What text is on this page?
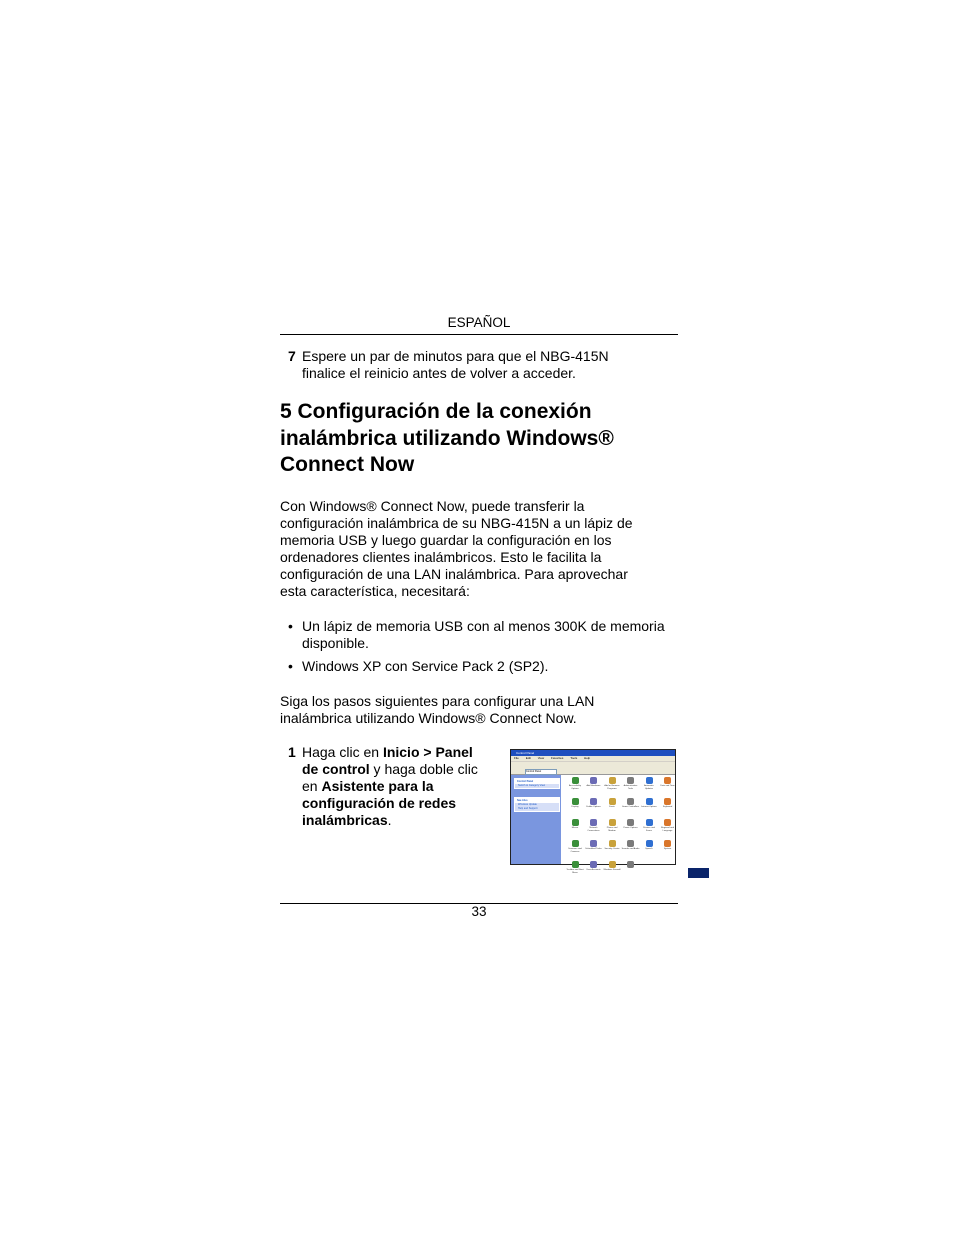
ESPAÑOL
7 Espere un par de minutos para que el NBG-415N
finalice el reinicio antes de volver a acceder.
5 Configuración de la conexión
inalámbrica utilizando Windows®
Connect Now
Con Windows® Connect Now, puede transferir la
configuración inalámbrica de su NBG-415N a un lápiz de
memoria USB y luego guardar la configuración en los
ordenadores clientes inalámbricos. Esto le facilita la
configuración de una LAN inalámbrica. Para aprovechar
esta característica, necesitará:
• Un lápiz de memoria USB con al menos 300K de memoria
disponible.
• Windows XP con Service Pack 2 (SP2).
Siga los pasos siguientes para configurar una LAN
inalámbrica utilizando Windows® Connect Now.
1 Haga clic en Inicio > Panel
de control y haga doble clic
en Asistente para la
configuración de redes
inalámbricas.
Control Panel
File Edit View Favorites Tools Help
Control Panel
Control Panel
Switch to Category View
See Also
Windows Update
Help and Support
Accessibility Options
Add Hardware	Add or Remove Programs
Administrative Tools
Automatic Updates
Date and Time
Display	Folder Options	Fonts	Game Controllers Internet Options	Keyboard
Mouse	Network Connections
Phone and Modem
Power Options	Printers and Faxes
Regional and Language
Scanners and Cameras
Scheduled Tasks	Security Center Sounds and Audio	Speech	System
Taskbar and Start Menu
User Accounts	Windows Firewall Wireless Network Setup Wizard
33
